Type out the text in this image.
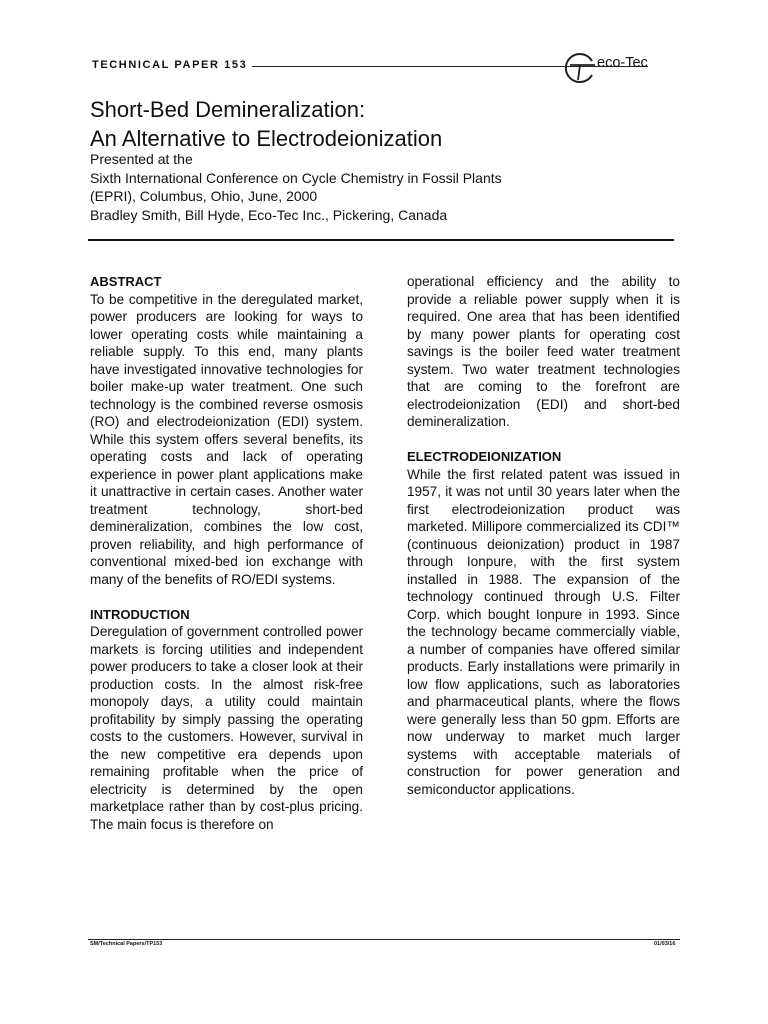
TECHNICAL PAPER 153	eco-Tec
Short-Bed Demineralization:
An Alternative to Electrodeionization
Presented at the
Sixth International Conference on Cycle Chemistry in Fossil Plants
(EPRI), Columbus, Ohio, June, 2000
Bradley Smith, Bill Hyde, Eco-Tec Inc., Pickering, Canada

ABSTRACT

To be competitive in the deregulated market, power producers are looking for ways to lower operating costs while maintaining a reliable supply. To this end, many plants have investigated innovative technologies for boiler make-up water treatment. One such technology is the combined reverse osmosis (RO) and electrodeionization (EDI) system. While this system offers several benefits, its operating costs and lack of operating experience in power plant applications make it unattractive in certain cases. Another water treatment technology, short-bed demineralization, combines the low cost, proven reliability, and high performance of conventional mixed-bed ion exchange with many of the benefits of RO/EDI systems.

INTRODUCTION

Deregulation of government controlled power markets is forcing utilities and independent power producers to take a closer look at their production costs. In the almost risk-free monopoly days, a utility could maintain profitability by simply passing the operating costs to the customers. However, survival in the new competitive era depends upon remaining profitable when the price of electricity is determined by the open marketplace rather than by cost-plus pricing. The main focus is therefore on

operational efficiency and the ability to provide a reliable power supply when it is required. One area that has been identified by many power plants for operating cost savings is the boiler feed water treatment system. Two water treatment technologies that are coming to the forefront are electrodeionization (EDI) and short-bed demineralization.

ELECTRODEIONIZATION

While the first related patent was issued in 1957, it was not until 30 years later when the first electrodeionization product was marketed. Millipore commercialized its CDI™ (continuous deionization) product in 1987 through Ionpure, with the first system installed in 1988. The expansion of the technology continued through U.S. Filter Corp. which bought Ionpure in 1993. Since the technology became commercially viable, a number of companies have offered similar products. Early installations were primarily in low flow applications, such as laboratories and pharmaceutical plants, where the flows were generally less than 50 gpm. Efforts are now underway to market much larger systems with acceptable materials of construction for power generation and semiconductor applications.

SM/Technical Papers/TP153	01/03/16
